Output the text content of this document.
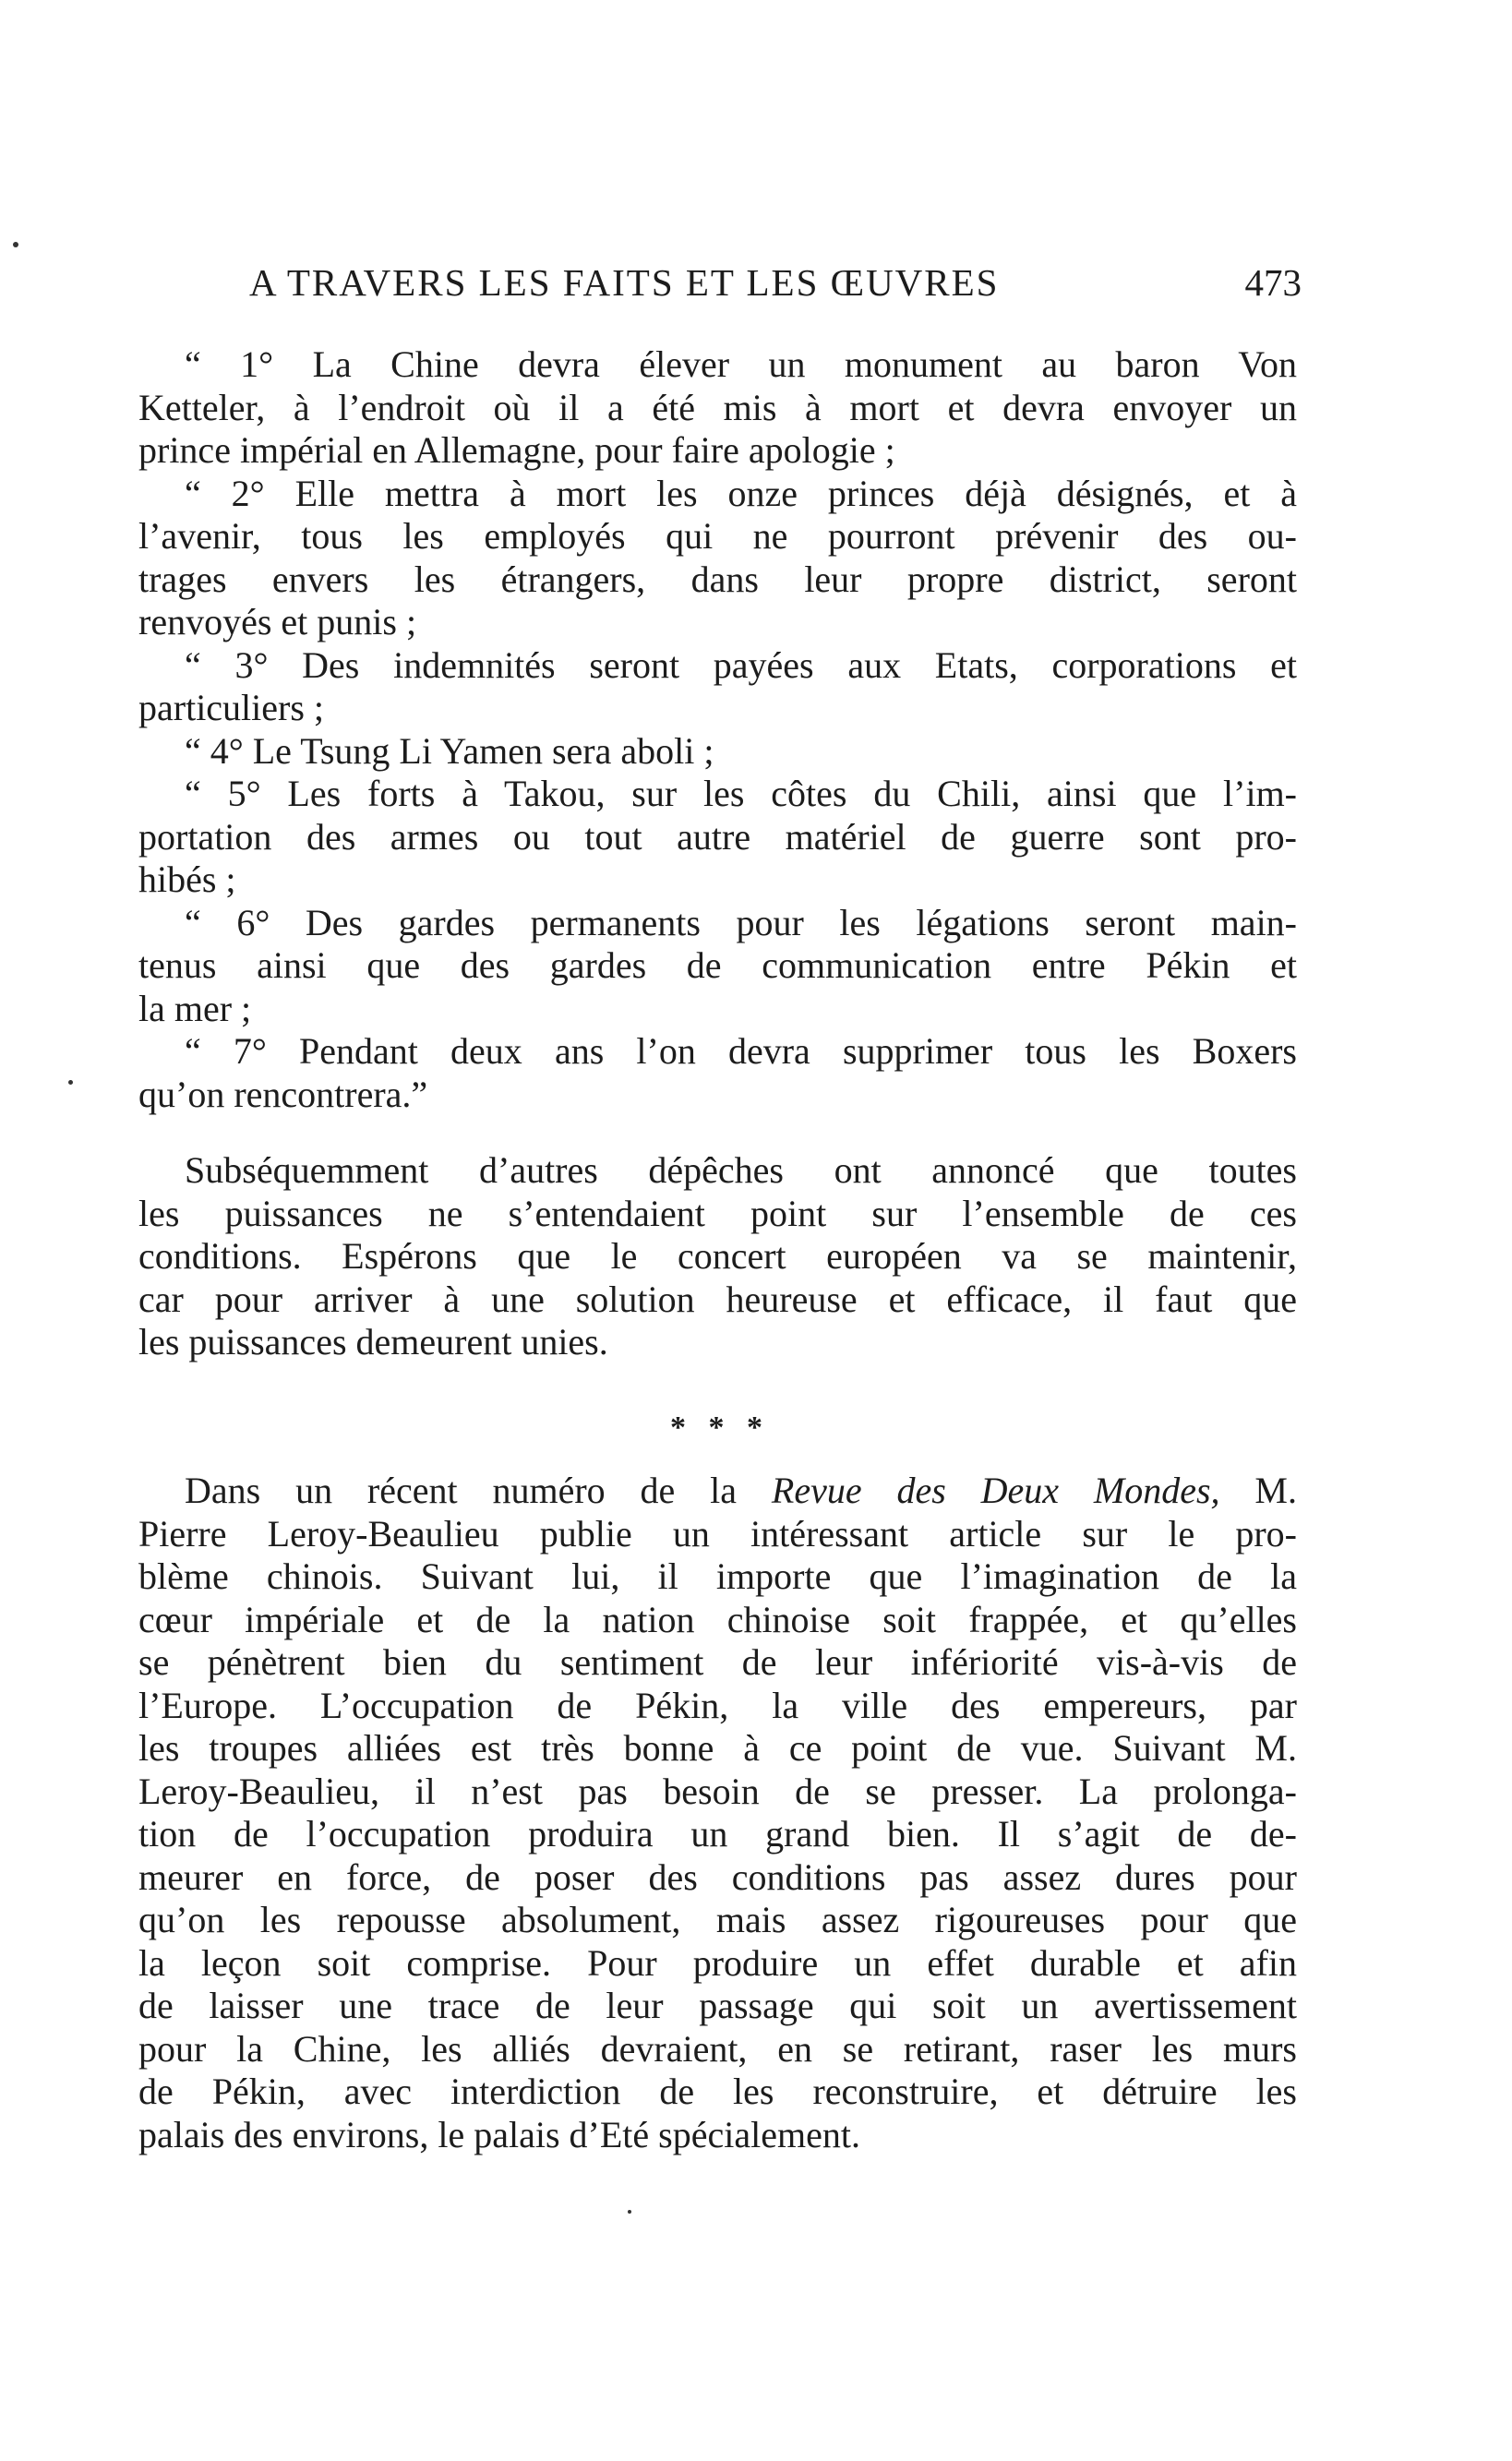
A TRAVERS LES FAITS ET LES ŒUVRES	473
“ 1° La Chine devra élever un monument au baron Von
Ketteler, à l’endroit où il a été mis à mort et devra envoyer un
prince impérial en Allemagne, pour faire apologie ;
“ 2° Elle mettra à mort les onze princes déjà désignés, et à
l’avenir, tous les employés qui ne pourront prévenir des ou-
trages envers les étrangers, dans leur propre district, seront
renvoyés et punis ;
“ 3° Des indemnités seront payées aux Etats, corporations et
particuliers ;
“ 4° Le Tsung Li Yamen sera aboli ;
“ 5° Les forts à Takou, sur les côtes du Chili, ainsi que l’im-
portation des armes ou tout autre matériel de guerre sont pro-
hibés ;
“ 6° Des gardes permanents pour les légations seront main-
tenus ainsi que des gardes de communication entre Pékin et
la mer ;
“ 7° Pendant deux ans l’on devra supprimer tous les Boxers
qu’on rencontrera.”
Subséquemment d’autres dépêches ont annoncé que toutes
les puissances ne s’entendaient point sur l’ensemble de ces
conditions. Espérons que le concert européen va se maintenir,
car pour arriver à une solution heureuse et efficace, il faut que
les puissances demeurent unies.
* * *
Dans un récent numéro de la Revue des Deux Mondes, M.
Pierre Leroy-Beaulieu publie un intéressant article sur le pro-
blème chinois. Suivant lui, il importe que l’imagination de la
cœur impériale et de la nation chinoise soit frappée, et qu’elles
se pénètrent bien du sentiment de leur infériorité vis-à-vis de
l’Europe. L’occupation de Pékin, la ville des empereurs, par
les troupes alliées est très bonne à ce point de vue. Suivant M.
Leroy-Beaulieu, il n’est pas besoin de se presser. La prolonga-
tion de l’occupation produira un grand bien. Il s’agit de de-
meurer en force, de poser des conditions pas assez dures pour
qu’on les repousse absolument, mais assez rigoureuses pour que
la leçon soit comprise. Pour produire un effet durable et afin
de laisser une trace de leur passage qui soit un avertissement
pour la Chine, les alliés devraient, en se retirant, raser les murs
de Pékin, avec interdiction de les reconstruire, et détruire les
palais des environs, le palais d’Eté spécialement.
